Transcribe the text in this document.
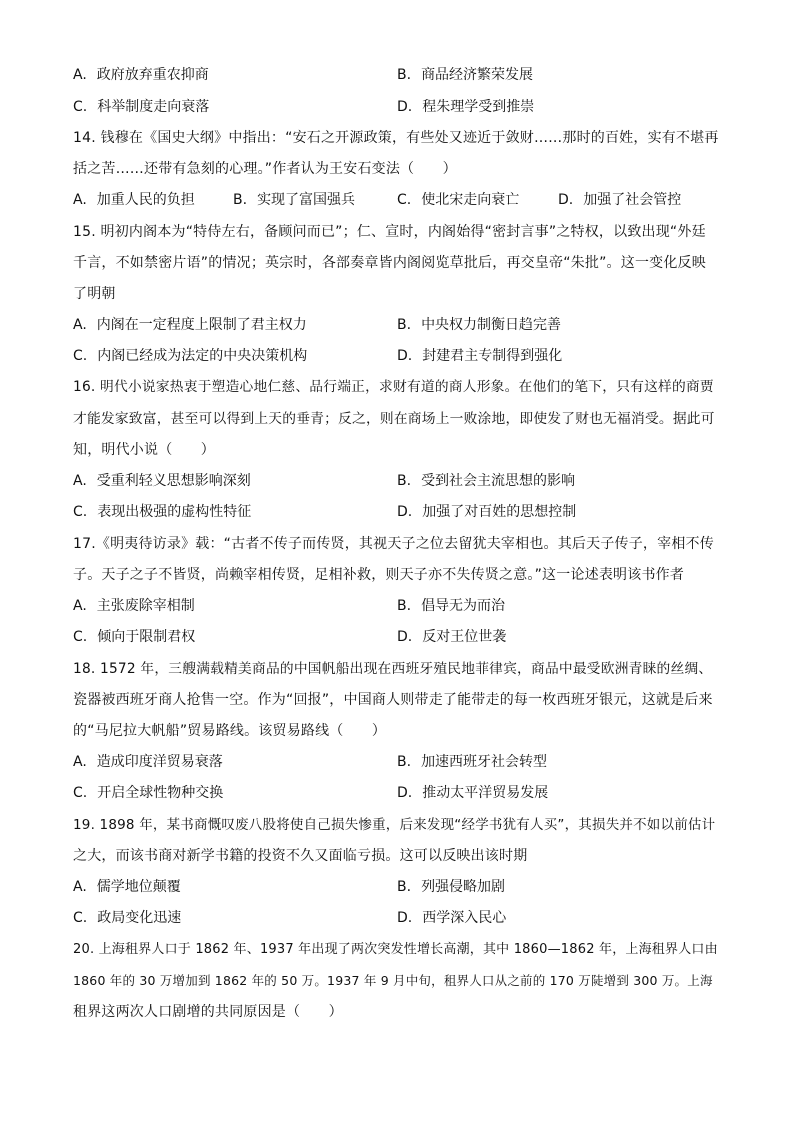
A. 政府放弃重农抑商	B. 商品经济繁荣发展
C. 科举制度走向衰落	D. 程朱理学受到推崇
14. 钱穆在《国史大纲》中指出：“安石之开源政策，有些处又迹近于敛财……那时的百姓，实有不堪再
括之苦……还带有急刻的心理。”作者认为王安石变法（　　）
A. 加重人民的负担	B. 实现了富国强兵	C. 使北宋走向衰亡	D. 加强了社会管控
15. 明初内阁本为“特侍左右，备顾问而已”；仁、宣时，内阁始得“密封言事”之特权，以致出现“外廷
千言，不如禁密片语”的情况；英宗时，各部奏章皆内阁阅览草批后，再交皇帝“朱批”。这一变化反映
了明朝
A. 内阁在一定程度上限制了君主权力	B. 中央权力制衡日趋完善
C. 内阁已经成为法定的中央决策机构	D. 封建君主专制得到强化
16. 明代小说家热衷于塑造心地仁慈、品行端正，求财有道的商人形象。在他们的笔下，只有这样的商贾
才能发家致富，甚至可以得到上天的垂青；反之，则在商场上一败涂地，即使发了财也无福消受。据此可
知，明代小说（　　）
A. 受重利轻义思想影响深刻	B. 受到社会主流思想的影响
C. 表现出极强的虚构性特征	D. 加强了对百姓的思想控制
17.《明夷待访录》载：“古者不传子而传贤，其视天子之位去留犹夫宰相也。其后天子传子，宰相不传
子。天子之子不皆贤，尚赖宰相传贤，足相补救，则天子亦不失传贤之意。”这一论述表明该书作者
A. 主张废除宰相制	B. 倡导无为而治
C. 倾向于限制君权	D. 反对王位世袭
18. 1572 年，三艘满载精美商品的中国帆船出现在西班牙殖民地菲律宾，商品中最受欧洲青睐的丝绸、
瓷器被西班牙商人抢售一空。作为“回报”，中国商人则带走了能带走的每一枚西班牙银元，这就是后来
的“马尼拉大帆船”贸易路线。该贸易路线（　　）
A. 造成印度洋贸易衰落	B. 加速西班牙社会转型
C. 开启全球性物种交换	D. 推动太平洋贸易发展
19. 1898 年，某书商慨叹废八股将使自己损失惨重，后来发现“经学书犹有人买”，其损失并不如以前估计
之大，而该书商对新学书籍的投资不久又面临亏损。这可以反映出该时期
A. 儒学地位颠覆	B. 列强侵略加剧
C. 政局变化迅速	D. 西学深入民心
20. 上海租界人口于 1862 年、1937 年出现了两次突发性增长高潮，其中 1860—1862 年，上海租界人口由
1860 年的 30 万增加到 1862 年的 50 万。1937 年 9 月中旬，租界人口从之前的 170 万陡增到 300 万。上海
租界这两次人口剧增的共同原因是（　　）
